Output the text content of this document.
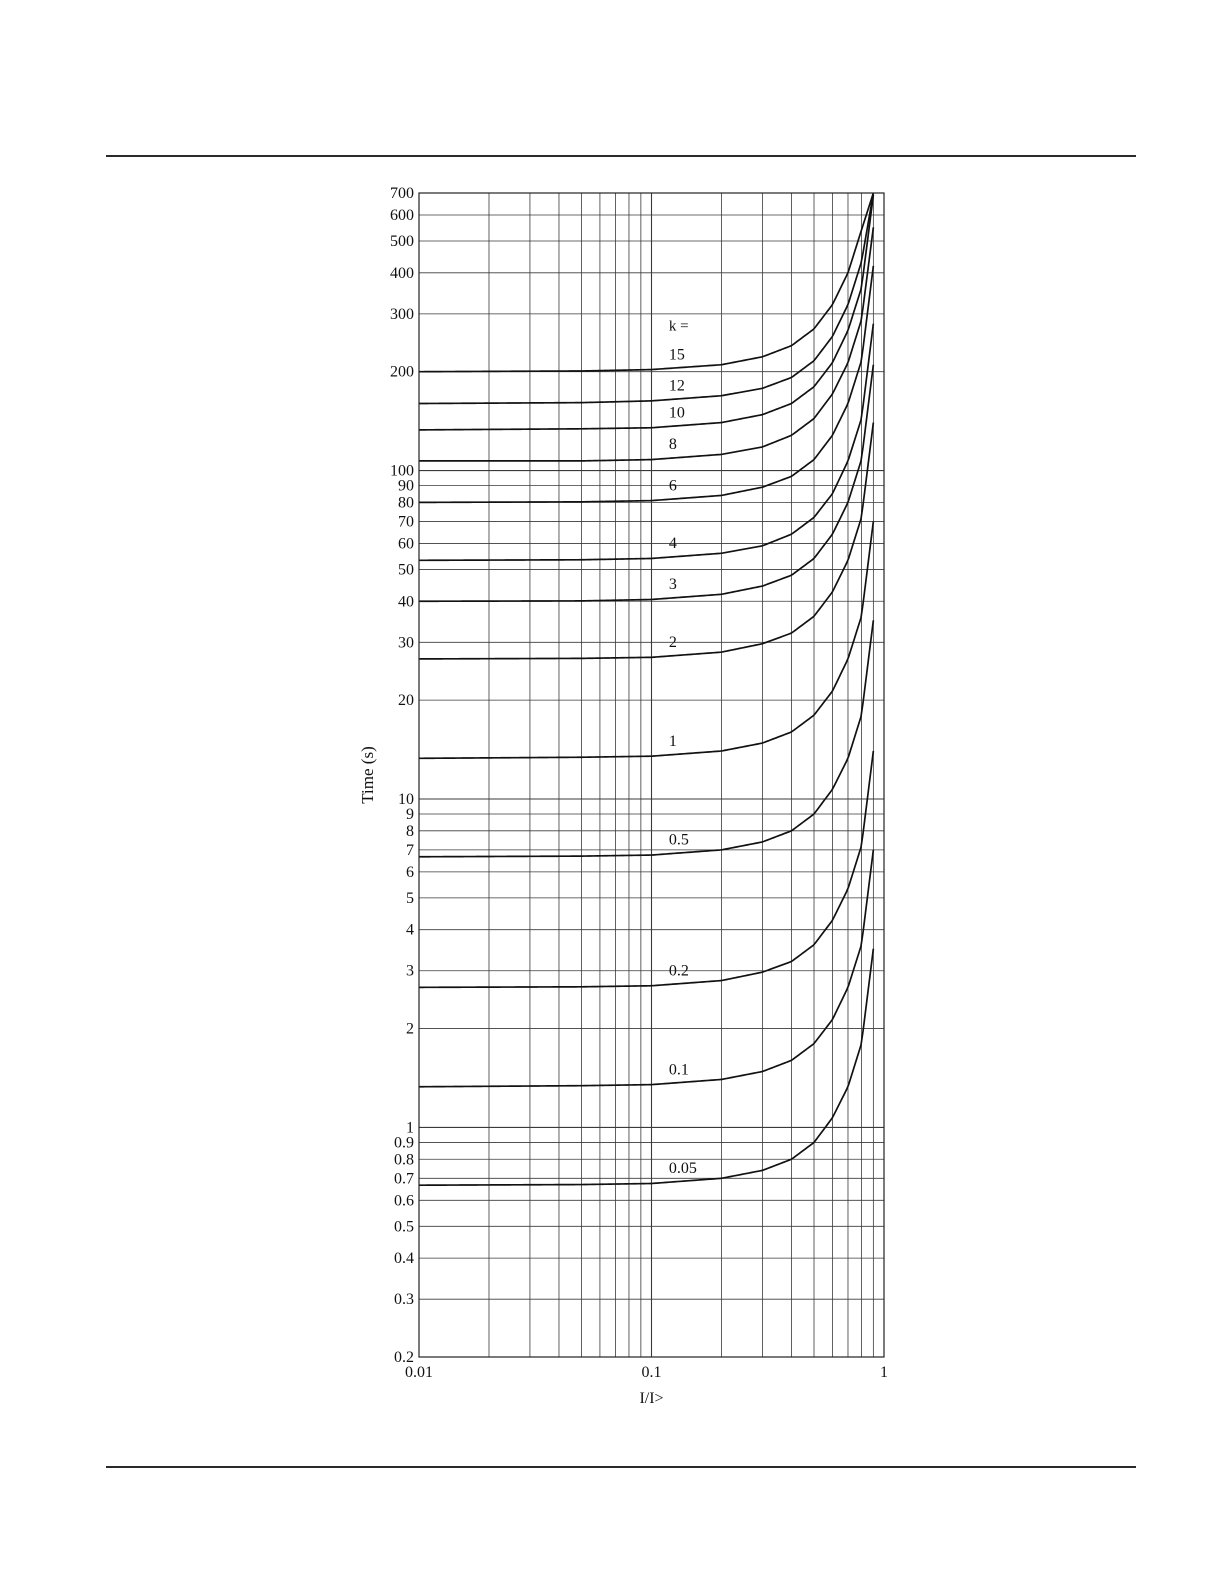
0.2
0.3
0.4
0.5
0.6
0.7
0.8
0.9
1
2
3
4
5
6
7
8
9
10
20
30
40
50
60
70
80
90
100
200
300
400
500
600
700
0.01	0.1	1
k =
15
12
10
8
6
4
3
2
1
0.5
0.2
0.1
0.05
I/I>
Time (s)
